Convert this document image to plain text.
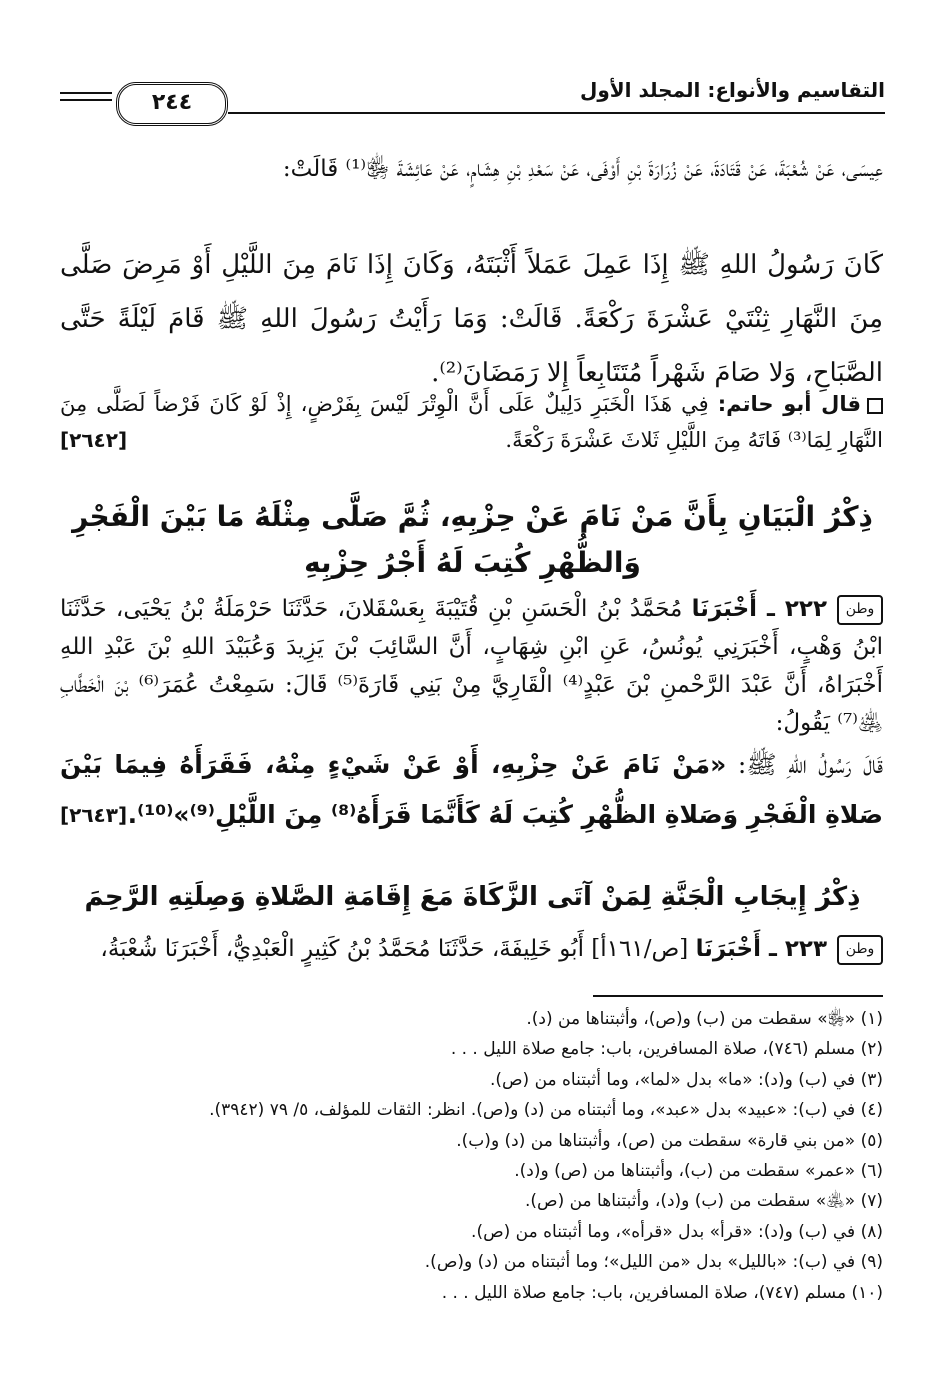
التقاسيم والأنواع: المجلد الأول
٢٤٤
عِيسَى، عَنْ شُعْبَةَ، عَنْ قَتَادَةَ، عَنْ زُرَارَةَ بْنِ أَوْفَى، عَنْ سَعْدِ بْنِ هِشَامٍ، عَنْ عَائِشَةَ ﵂⁽¹⁾ قَالَتْ:
كَانَ رَسُولُ اللهِ ﷺ إِذَا عَمِلَ عَمَلاً أَثْبَتَهُ، وَكَانَ إِذَا نَامَ مِنَ اللَّيْلِ أَوْ مَرِضَ صَلَّى مِنَ النَّهَارِ ثِنْتَيْ عَشْرَةَ رَكْعَةً. قَالَتْ: وَمَا رَأَيْتُ رَسُولَ اللهِ ﷺ قَامَ لَيْلَةً حَتَّى الصَّبَاحِ، وَلا صَامَ شَهْراً مُتَتَابِعاً إِلا رَمَضَانَ⁽²⁾.
قال أبو حاتم: فِي هَذَا الْخَبَرِ دَلِيلٌ عَلَى أَنَّ الْوِتْرَ لَيْسَ بِفَرْضٍ، إِذْ لَوْ كَانَ فَرْضاً لَصَلَّى مِنَ النَّهَارِ لِمَا⁽³⁾ فَاتَهُ مِنَ اللَّيْلِ ثَلاثَ عَشْرَةَ رَكْعَةً.
[٢٦٤٢]
ذِكْرُ الْبَيَانِ بِأَنَّ مَنْ نَامَ عَنْ حِزْبِهِ، ثُمَّ صَلَّى مِثْلَهُ مَا بَيْنَ الْفَجْرِ وَالظُّهْرِ كُتِبَ لَهُ أَجْرُ حِزْبِهِ
وطن٢٢٢ ـ أَخْبَرَنَا مُحَمَّدُ بْنُ الْحَسَنِ بْنِ قُتَيْبَةَ بِعَسْقَلانَ، حَدَّثَنَا حَرْمَلَةُ بْنُ يَحْيَى، حَدَّثَنَا ابْنُ وَهْبٍ، أَخْبَرَنِي يُونُسُ، عَنِ ابْنِ شِهَابٍ، أَنَّ السَّائِبَ بْنَ يَزِيدَ وَعُبَيْدَ اللهِ بْنَ عَبْدِ اللهِ أَخْبَرَاهُ، أَنَّ عَبْدَ الرَّحْمنِ بْنَ عَبْدٍ⁽⁴⁾ الْقَارِيَّ مِنْ بَنِي قَارَةَ⁽⁵⁾ قَالَ: سَمِعْتُ عُمَرَ⁽⁶⁾ بْنَ الْخَطَّابِ ﵁⁽⁷⁾ يَقُولُ:
قَالَ رَسُولُ اللهِ ﷺ: «مَنْ نَامَ عَنْ حِزْبِهِ، أَوْ عَنْ شَيْءٍ مِنْهُ، فَقَرَأَهُ فِيمَا بَيْنَ صَلاةِ الْفَجْرِ وَصَلاةِ الظُّهْرِ كُتِبَ لَهُ كَأَنَّمَا قَرَأَهُ⁽⁸⁾ مِنَ اللَّيْلِ⁽⁹⁾»⁽¹⁰⁾.
[٢٦٤٣]
ذِكْرُ إِيجَابِ الْجَنَّةِ لِمَنْ آتَى الزَّكَاةَ مَعَ إِقَامَةِ الصَّلاةِ وَصِلَتِهِ الرَّحِمَ
وطن٢٢٣ ـ أَخْبَرَنَا [ص/١٦١أ] أَبُو خَلِيفَةَ، حَدَّثَنَا مُحَمَّدُ بْنُ كَثِيرٍ الْعَبْدِيُّ، أَخْبَرَنَا شُعْبَةُ،
(١) «﵂» سقطت من (ب) و(ص)، وأثبتناها من (د).
(٢) مسلم (٧٤٦)، صلاة المسافرين، باب: جامع صلاة الليل . . .
(٣) في (ب) و(د): «ما» بدل «لما»، وما أثبتناه من (ص).
(٤) في (ب): «عبيد» بدل «عبد»، وما أثبتناه من (د) و(ص). انظر: الثقات للمؤلف، ٥/ ٧٩ (٣٩٤٢).
(٥) «من بني قارة» سقطت من (ص)، وأثبتناها من (د) و(ب).
(٦) «عمر» سقطت من (ب)، وأثبتناها من (ص) و(د).
(٧) «﵁» سقطت من (ب) و(د)، وأثبتناها من (ص).
(٨) في (ب) و(د): «قرأ» بدل «قرأه»، وما أثبتناه من (ص).
(٩) في (ب): «بالليل» بدل «من الليل»؛ وما أثبتناه من (د) و(ص).
(١٠) مسلم (٧٤٧)، صلاة المسافرين، باب: جامع صلاة الليل . . .
